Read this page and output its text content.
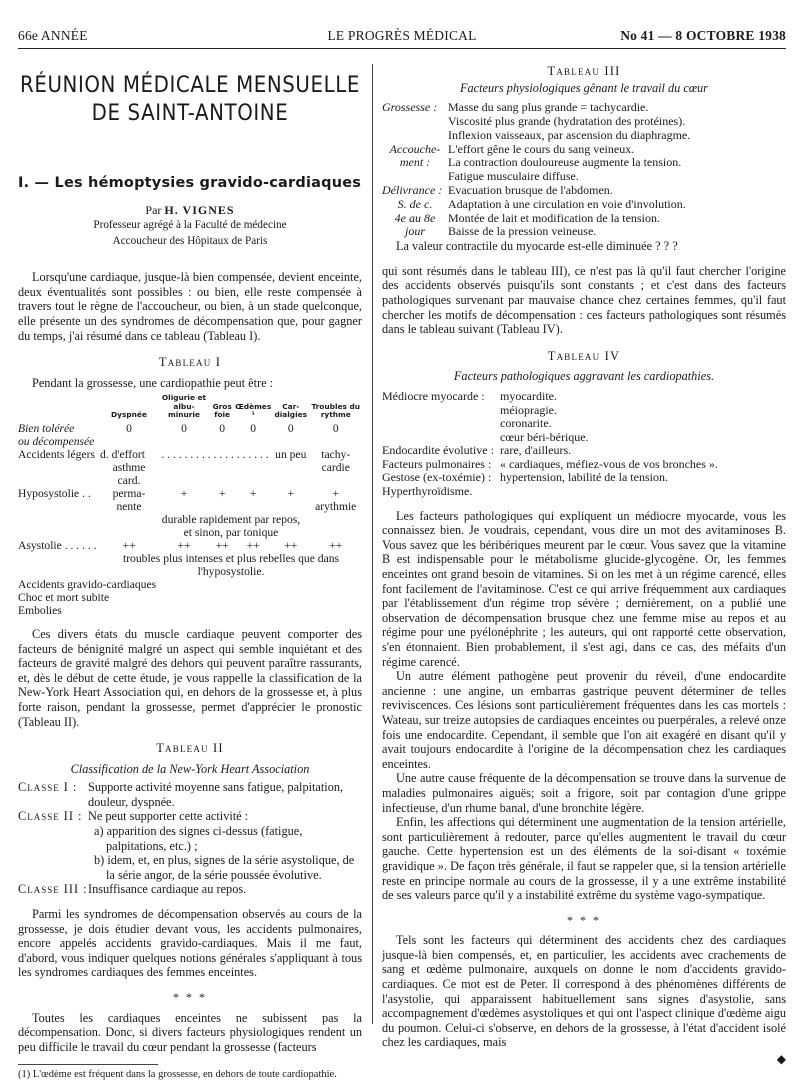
66e ANNÉE	LE PROGRÈS MÉDICAL	No 41 — 8 OCTOBRE 1938
RÉUNION MÉDICALE MENSUELLE
DE SAINT-ANTOINE
I. — Les hémoptysies gravido-cardiaques
Par H. VIGNES
Professeur agrégé à la Faculté de médecine
Accoucheur des Hôpitaux de Paris

Lorsqu'une cardiaque, jusque-là bien compensée, devient enceinte, deux éventualités sont possibles : ou bien, elle reste compensée à travers tout le règne de l'accoucheur, ou bien, à un stade quelconque, elle présente un des syndromes de décompensation que, pour gagner du temps, j'ai résumé dans ce tableau (Tableau I).

Tableau I

Pendant la grossesse, une cardiopathie peut être :

	Dyspnée	Oligurie et albu-minurie	Gros foie	Œdèmes ¹	Car-dialgies	Troubles du rythme
Bien tolérée	0	0	0	0	0	0
ou décompensée						
Accidents légers	d. d'effort	. . . . . . . . . . . . . . . . . . .			un peu	tachy-
	asthme					cardie
	card.					
Hyposystolie . .	perma-	+	+	+	+	+
	nente					arythmie
	durable rapidement par repos,					
	et sinon, par tonique					
Asystolie . . . . . .	++	++	++	++	++	++
	troubles plus intenses et plus rebelles que dans					
	l'hyposystolie.					
Accidents gravido-cardiaques
Choc et mort subite
Embolies

Ces divers états du muscle cardiaque peuvent comporter des facteurs de bénignité malgré un aspect qui semble inquiétant et des facteurs de gravité malgré des dehors qui peuvent paraître rassurants, et, dès le début de cette étude, je vous rappelle la classification de la New-York Heart Association qui, en dehors de la grossesse et, à plus forte raison, pendant la grossesse, permet d'apprécier le pronostic (Tableau II).

Tableau II
Classification de la New-York Heart Association
Classe I : Supporte activité moyenne sans fatigue, palpitation, douleur, dyspnée.
Classe II : Ne peut supporter cette activité :
a) apparition des signes ci-dessus (fatigue, palpitations, etc.) ;
b) idem, et, en plus, signes de la série asystolique, de la série angor, de la série poussée évolutive.
Classe III : Insuffisance cardiaque au repos.

Parmi les syndromes de décompensation observés au cours de la grossesse, je dois étudier devant vous, les accidents pulmonaires, encore appelés accidents gravido-cardiaques. Mais il me faut, d'abord, vous indiquer quelques notions générales s'appliquant à tous les syndromes cardiaques des femmes enceintes.

* * *

Toutes les cardiaques enceintes ne subissent pas la décompensation. Donc, si divers facteurs physiologiques rendent un peu difficile le travail du cœur pendant la grossesse (facteurs

(1) L'œdème est fréquent dans la grossesse, en dehors de toute cardiopathie.

Tableau III
Facteurs physiologiques gênant le travail du cœur
Grossesse : Masse du sang plus grande = tachycardie.
Viscosité plus grande (hydratation des protéines).
Inflexion vaisseaux, par ascension du diaphragme.
Accouche- L'effort gêne le cours du sang veineux.
ment :	La contraction douloureuse augmente la tension.
Fatigue musculaire diffuse.
Délivrance : Evacuation brusque de l'abdomen.
S. de c.	Adaptation à une circulation en voie d'involution.
4e au 8e	Montée de lait et modification de la tension.
jour	Baisse de la pression veineuse.
La valeur contractile du myocarde est-elle diminuée ? ? ?

qui sont résumés dans le tableau III), ce n'est pas là qu'il faut chercher l'origine des accidents observés puisqu'ils sont constants ; et c'est dans des facteurs pathologiques survenant par mauvaise chance chez certaines femmes, qu'il faut chercher les motifs de décompensation : ces facteurs pathologiques sont résumés dans le tableau suivant (Tableau IV).

Tableau IV
Facteurs pathologiques aggravant les cardiopathies.
Médiocre myocarde :	myocardite.
méiopragie.
coronarite.
cœur béri-bérique.
Endocardite évolutive : rare, d'ailleurs.
Facteurs pulmonaires : « cardiaques, méfiez-vous de vos bronches ».
Gestose (ex-toxémie) : hypertension, labilité de la tension.
Hyperthyroïdisme.

Les facteurs pathologiques qui expliquent un médiocre myocarde, vous les connaissez bien. Je voudrais, cependant, vous dire un mot des avitaminoses B. Vous savez que les béribériques meurent par le cœur. Vous savez que la vitamine B est indispensable pour le métabolisme glucide-glycogène. Or, les femmes enceintes ont grand besoin de vitamines. Si on les met à un régime carencé, elles font facilement de l'avitaminose. C'est ce qui arrive fréquemment aux cardiaques par l'établissement d'un régime trop sévère ; dernièrement, on a publié une observation de décompensation brusque chez une femme mise au repos et au régime pour une pyélonéphrite ; les auteurs, qui ont rapporté cette observation, s'en étonnaient. Bien probablement, il s'est agi, dans ce cas, des méfaits d'un régime carencé.

Un autre élément pathogène peut provenir du réveil, d'une endocardite ancienne : une angine, un embarras gastrique peuvent déterminer de telles reviviscences. Ces lésions sont particulièrement fréquentes dans les cas mortels : Wateau, sur treize autopsies de cardiaques enceintes ou puerpérales, a relevé onze fois une endocardite. Cependant, il semble que l'on ait exagéré en disant qu'il y avait toujours endocardite à l'origine de la décompensation chez les cardiaques enceintes.

Une autre cause fréquente de la décompensation se trouve dans la survenue de maladies pulmonaires aiguës; soit a frigore, soit par contagion d'une grippe infectieuse, d'un rhume banal, d'une bronchite légère.

Enfin, les affections qui déterminent une augmentation de la tension artérielle, sont particulièrement à redouter, parce qu'elles augmentent le travail du cœur gauche. Cette hypertension est un des éléments de la soi-disant « toxémie gravidique ». De façon très générale, il faut se rappeler que, si la tension artérielle reste en principe normale au cours de la grossesse, il y a une extrême instabilité de ses valeurs parce qu'il y a instabilité extrême du système vago-sympatique.

* * *

Tels sont les facteurs qui déterminent des accidents chez des cardiaques jusque-là bien compensés, et, en particulier, les accidents avec crachements de sang et œdème pulmonaire, auxquels on donne le nom d'accidents gravido-cardiaques. Ce mot est de Peter. Il correspond à des phénomènes différents de l'asystolie, qui apparaissent habituellement sans signes d'asystolie, sans accompagnement d'œdèmes asystoliques et qui ont l'aspect clinique d'œdème aigu du poumon. Celui-ci s'observe, en dehors de la grossesse, à l'état d'accident isolé chez les cardiaques, mais

◆
